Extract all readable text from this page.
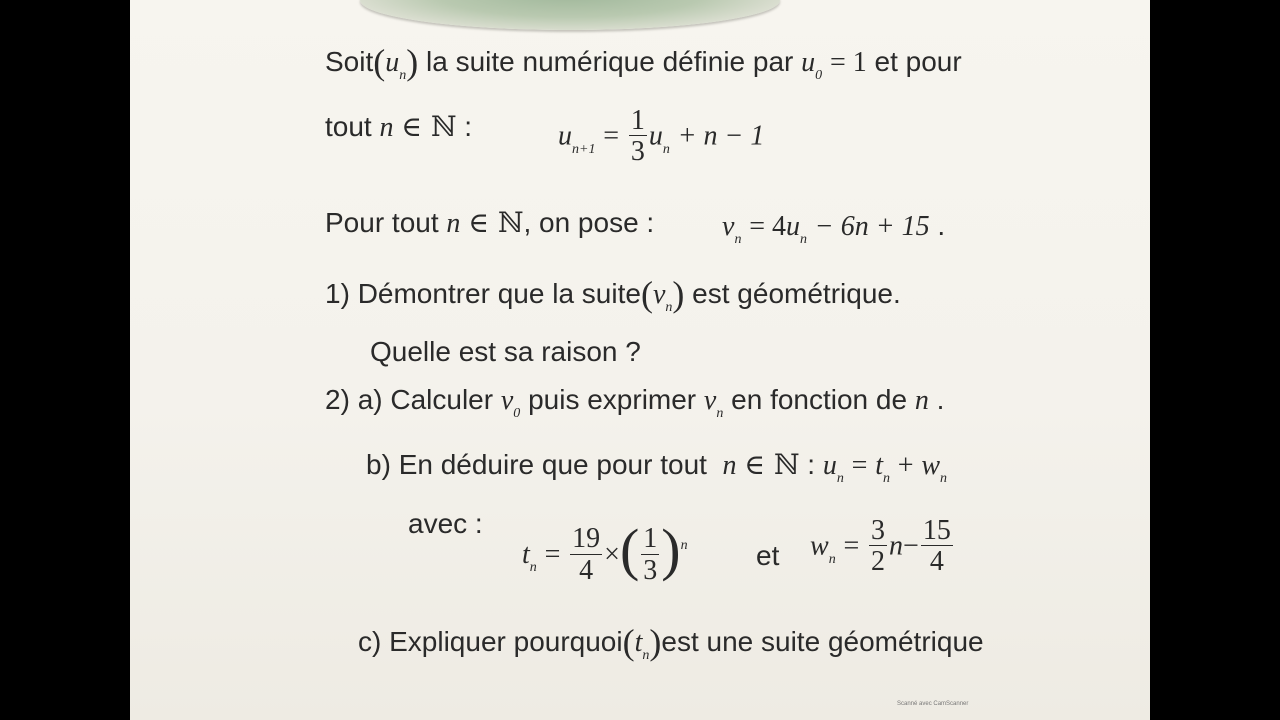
$Soit(u_n)$ la suite numérique définie par $u_0 = 1$ et pour
tout n ∈ ℕ :	$u_{n+1} = \frac{1}{3} u_n + n - 1$
Pour tout n ∈ ℕ, on pose : $v_n = 4u_n - 6n + 15$ .
1) Démontrer que la $suite(v_n)$ est géométrique.
Quelle est sa raison ?
2) a) Calculer $v_0$ puis exprimer $v_n$ en fonction de n .
b) En déduire que pour tout n ∈ ℕ : $u_n = t_n + w_n$
avec :
$t_n = \frac{19}{4}$ ×( $\frac{1}{3} )^n$ et $w_n = \frac{3}{2} n- \frac{15}{4}$
c) Expliquer $pourquoi(t_n)est$ une suite géométrique
Scanné avec CamScanner
